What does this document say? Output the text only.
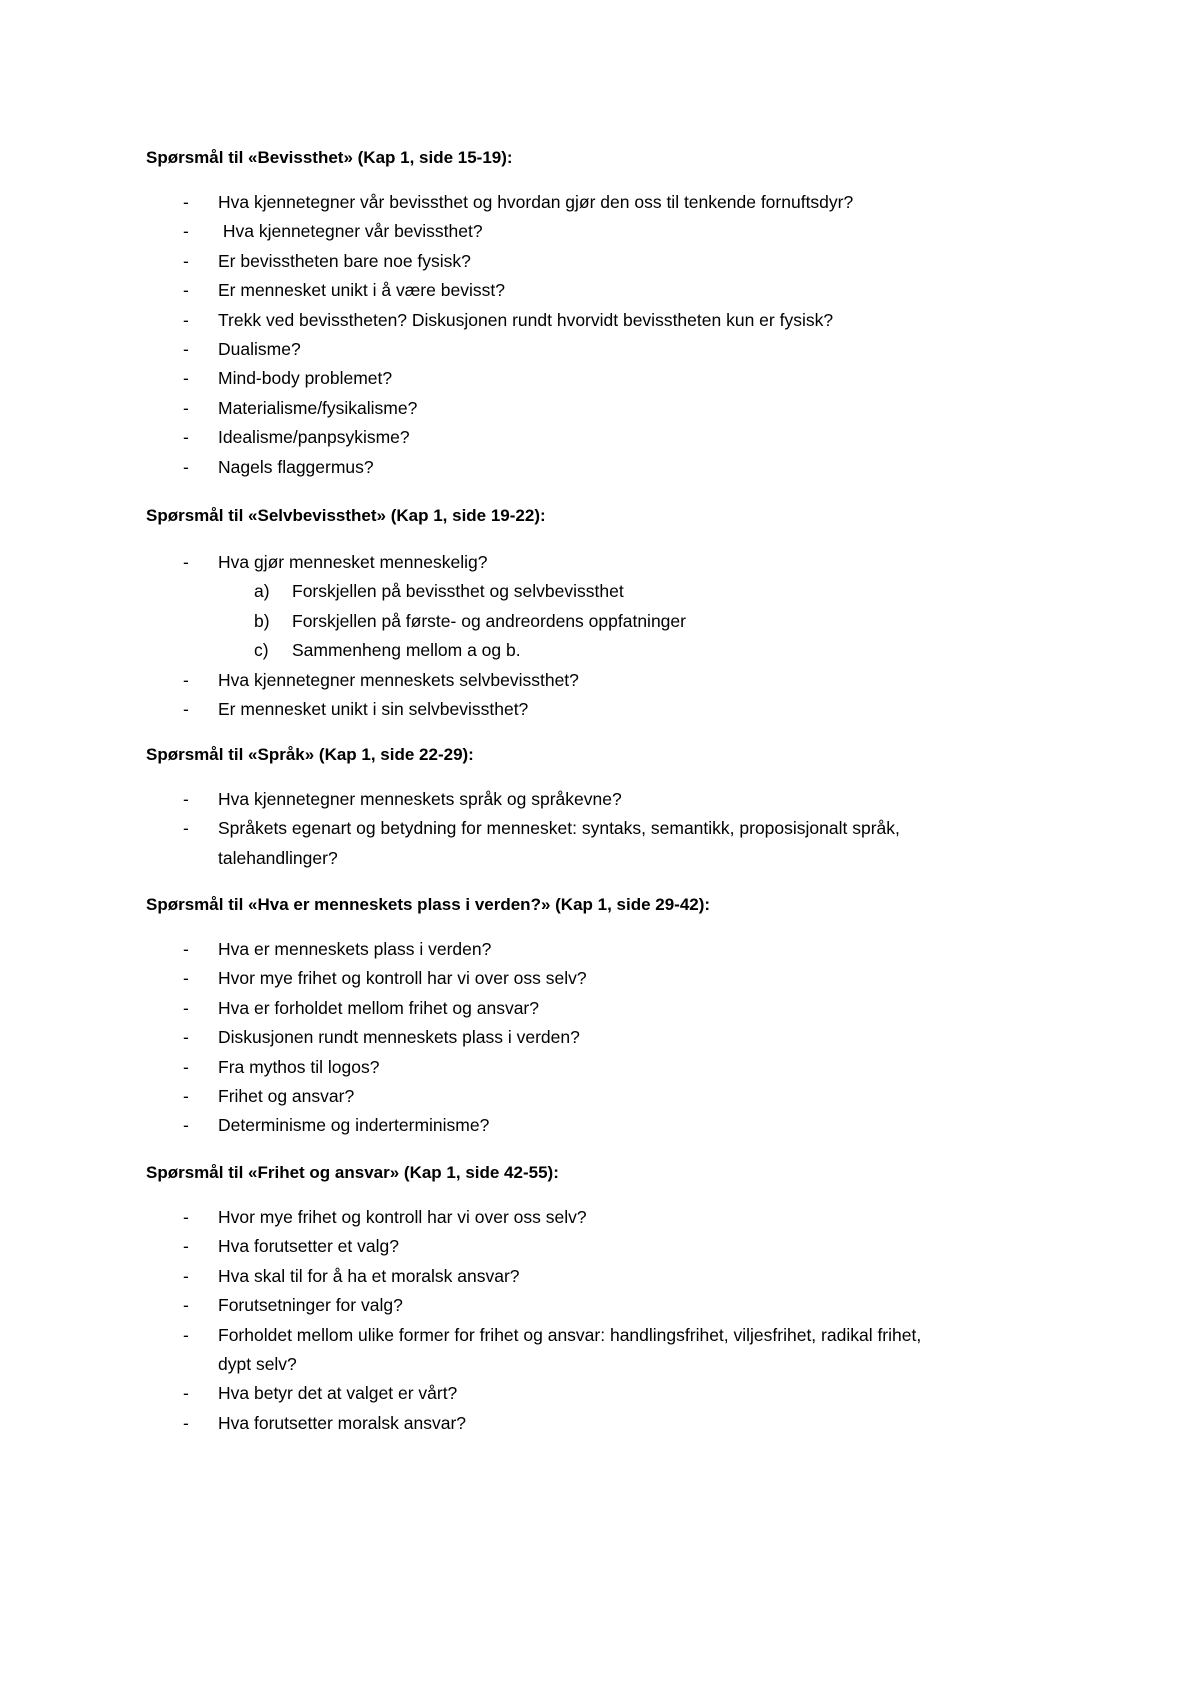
Spørsmål til «Bevissthet» (Kap 1, side 15-19):

- Hva kjennetegner vår bevissthet og hvordan gjør den oss til tenkende fornuftsdyr?
- Hva kjennetegner vår bevissthet?
- Er bevisstheten bare noe fysisk?
- Er mennesket unikt i å være bevisst?
- Trekk ved bevisstheten? Diskusjonen rundt hvorvidt bevisstheten kun er fysisk?
- Dualisme?
- Mind-body problemet?
- Materialisme/fysikalisme?
- Idealisme/panpsykisme?
- Nagels flaggermus?

Spørsmål til «Selvbevissthet» (Kap 1, side 19-22):

- Hva gjør mennesket menneskelig?
a) Forskjellen på bevissthet og selvbevissthet
b) Forskjellen på første- og andreordens oppfatninger
c) Sammenheng mellom a og b.
- Hva kjennetegner menneskets selvbevissthet?
- Er mennesket unikt i sin selvbevissthet?

Spørsmål til «Språk» (Kap 1, side 22-29):

- Hva kjennetegner menneskets språk og språkevne?
- Språkets egenart og betydning for mennesket: syntaks, semantikk, proposisjonalt språk,
talehandlinger?

Spørsmål til «Hva er menneskets plass i verden?» (Kap 1, side 29-42):

- Hva er menneskets plass i verden?
- Hvor mye frihet og kontroll har vi over oss selv?
- Hva er forholdet mellom frihet og ansvar?
- Diskusjonen rundt menneskets plass i verden?
- Fra mythos til logos?
- Frihet og ansvar?
- Determinisme og inderterminisme?

Spørsmål til «Frihet og ansvar» (Kap 1, side 42-55):

- Hvor mye frihet og kontroll har vi over oss selv?
- Hva forutsetter et valg?
- Hva skal til for å ha et moralsk ansvar?
- Forutsetninger for valg?
- Forholdet mellom ulike former for frihet og ansvar: handlingsfrihet, viljesfrihet, radikal frihet,
dypt selv?
- Hva betyr det at valget er vårt?
- Hva forutsetter moralsk ansvar?
